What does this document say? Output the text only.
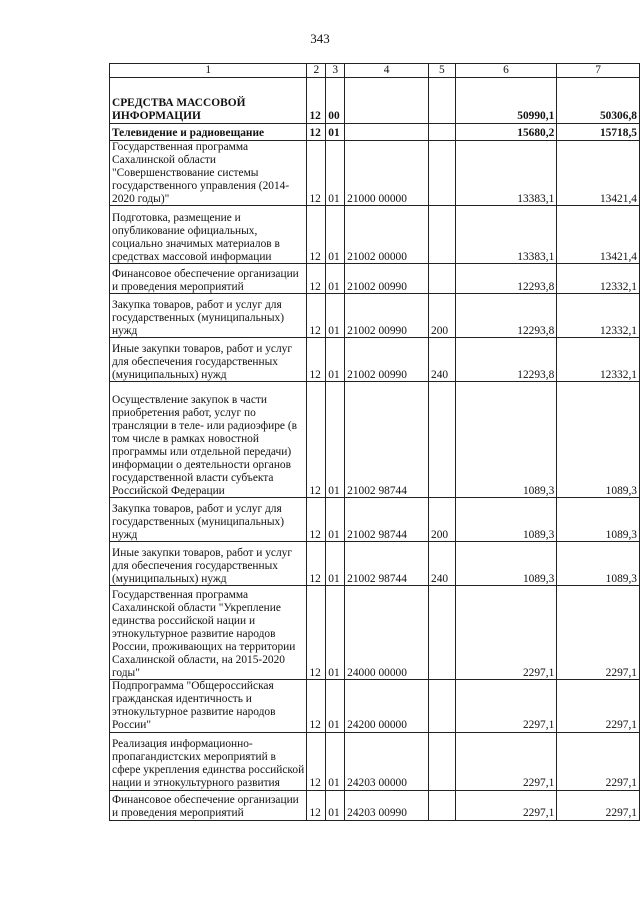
343
1	2	3	4	5	6	7
СРЕДСТВА МАССОВОЙ ИНФОРМАЦИИ	12	00			50990,1	50306,8
Телевидение и радиовещание	12	01			15680,2	15718,5
Государственная программа Сахалинской области "Совершенствование системы государственного управления (2014-2020 годы)"	12	01	21000 00000		13383,1	13421,4
Подготовка, размещение и опубликование официальных, социально значимых материалов в средствах массовой информации	12	01	21002 00000		13383,1	13421,4
Финансовое обеспечение организации и проведения мероприятий	12	01	21002 00990		12293,8	12332,1
Закупка товаров, работ и услуг для государственных (муниципальных) нужд	12	01	21002 00990	200	12293,8	12332,1
Иные закупки товаров, работ и услуг для обеспечения государственных (муниципальных) нужд	12	01	21002 00990	240	12293,8	12332,1
Осуществление закупок в части приобретения работ, услуг по трансляции в теле- или радиоэфире (в том числе в рамках новостной программы или отдельной передачи) информации о деятельности органов государственной власти субъекта Российской Федерации	12	01	21002 98744		1089,3	1089,3
Закупка товаров, работ и услуг для государственных (муниципальных) нужд	12	01	21002 98744	200	1089,3	1089,3
Иные закупки товаров, работ и услуг для обеспечения государственных (муниципальных) нужд	12	01	21002 98744	240	1089,3	1089,3
Государственная программа Сахалинской области "Укрепление единства российской нации и этнокультурное развитие народов России, проживающих на территории Сахалинской области, на 2015-2020 годы"	12	01	24000 00000		2297,1	2297,1
Подпрограмма "Общероссийская гражданская идентичность и этнокультурное развитие народов России"	12	01	24200 00000		2297,1	2297,1
Реализация информационно-пропагандистских мероприятий в сфере укрепления единства российской нации и этнокультурного развития	12	01	24203 00000		2297,1	2297,1
Финансовое обеспечение организации и проведения мероприятий	12	01	24203 00990		2297,1	2297,1
